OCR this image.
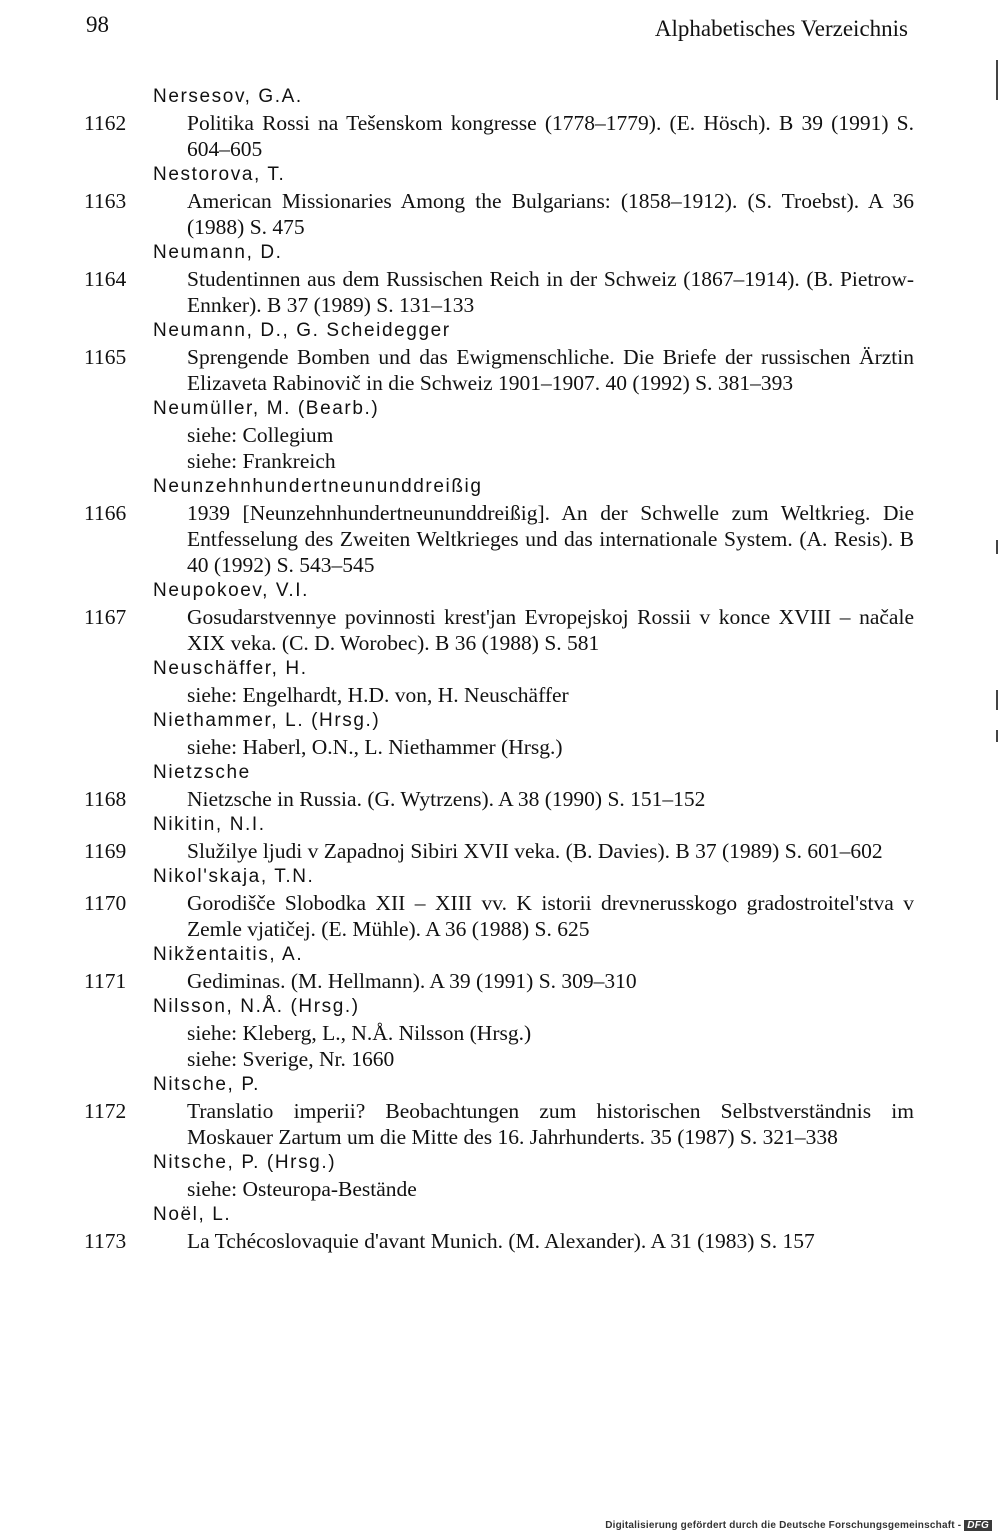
98	Alphabetisches Verzeichnis
Nersesov, G.A.
1162	Politika Rossi na Tešenskom kongresse (1778–1779). (E. Hösch). B 39 (1991) S. 604–605
Nestorova, T.
1163	American Missionaries Among the Bulgarians: (1858–1912). (S. Troebst). A 36 (1988) S. 475
Neumann, D.
1164	Studentinnen aus dem Russischen Reich in der Schweiz (1867–1914). (B. Pietrow-Ennker). B 37 (1989) S. 131–133
Neumann, D., G. Scheidegger
1165	Sprengende Bomben und das Ewigmenschliche. Die Briefe der russischen Ärztin Elizaveta Rabinovič in die Schweiz 1901–1907. 40 (1992) S. 381–393
Neumüller, M. (Bearb.)
siehe: Collegium
siehe: Frankreich
Neunzehnhundertneununddreißig
1166	1939 [Neunzehnhundertneununddreißig]. An der Schwelle zum Weltkrieg. Die Entfesselung des Zweiten Weltkrieges und das internationale System. (A. Resis). B 40 (1992) S. 543–545
Neupokoev, V.I.
1167	Gosudarstvennye povinnosti krest'jan Evropejskoj Rossii v konce XVIII – načale XIX veka. (C. D. Worobec). B 36 (1988) S. 581
Neuschäffer, H.
siehe: Engelhardt, H.D. von, H. Neuschäffer
Niethammer, L. (Hrsg.)
siehe: Haberl, O.N., L. Niethammer (Hrsg.)
Nietzsche
1168	Nietzsche in Russia. (G. Wytrzens). A 38 (1990) S. 151–152
Nikitin, N.I.
1169	Služilye ljudi v Zapadnoj Sibiri XVII veka. (B. Davies). B 37 (1989) S. 601–602
Nikol'skaja, T.N.
1170	Gorodišče Slobodka XII – XIII vv. K istorii drevnerusskogo gradostroitel'stva v Zemle vjatičej. (E. Mühle). A 36 (1988) S. 625
Nikžentaitis, A.
1171	Gediminas. (M. Hellmann). A 39 (1991) S. 309–310
Nilsson, N.Å. (Hrsg.)
siehe: Kleberg, L., N.Å. Nilsson (Hrsg.)
siehe: Sverige, Nr. 1660
Nitsche, P.
1172	Translatio imperii? Beobachtungen zum historischen Selbstverständnis im Moskauer Zartum um die Mitte des 16. Jahrhunderts. 35 (1987) S. 321–338
Nitsche, P. (Hrsg.)
siehe: Osteuropa-Bestände
Noël, L.
1173	La Tchécoslovaquie d'avant Munich. (M. Alexander). A 31 (1983) S. 157
Digitalisierung gefördert durch die Deutsche Forschungsgemeinschaft - DFG
